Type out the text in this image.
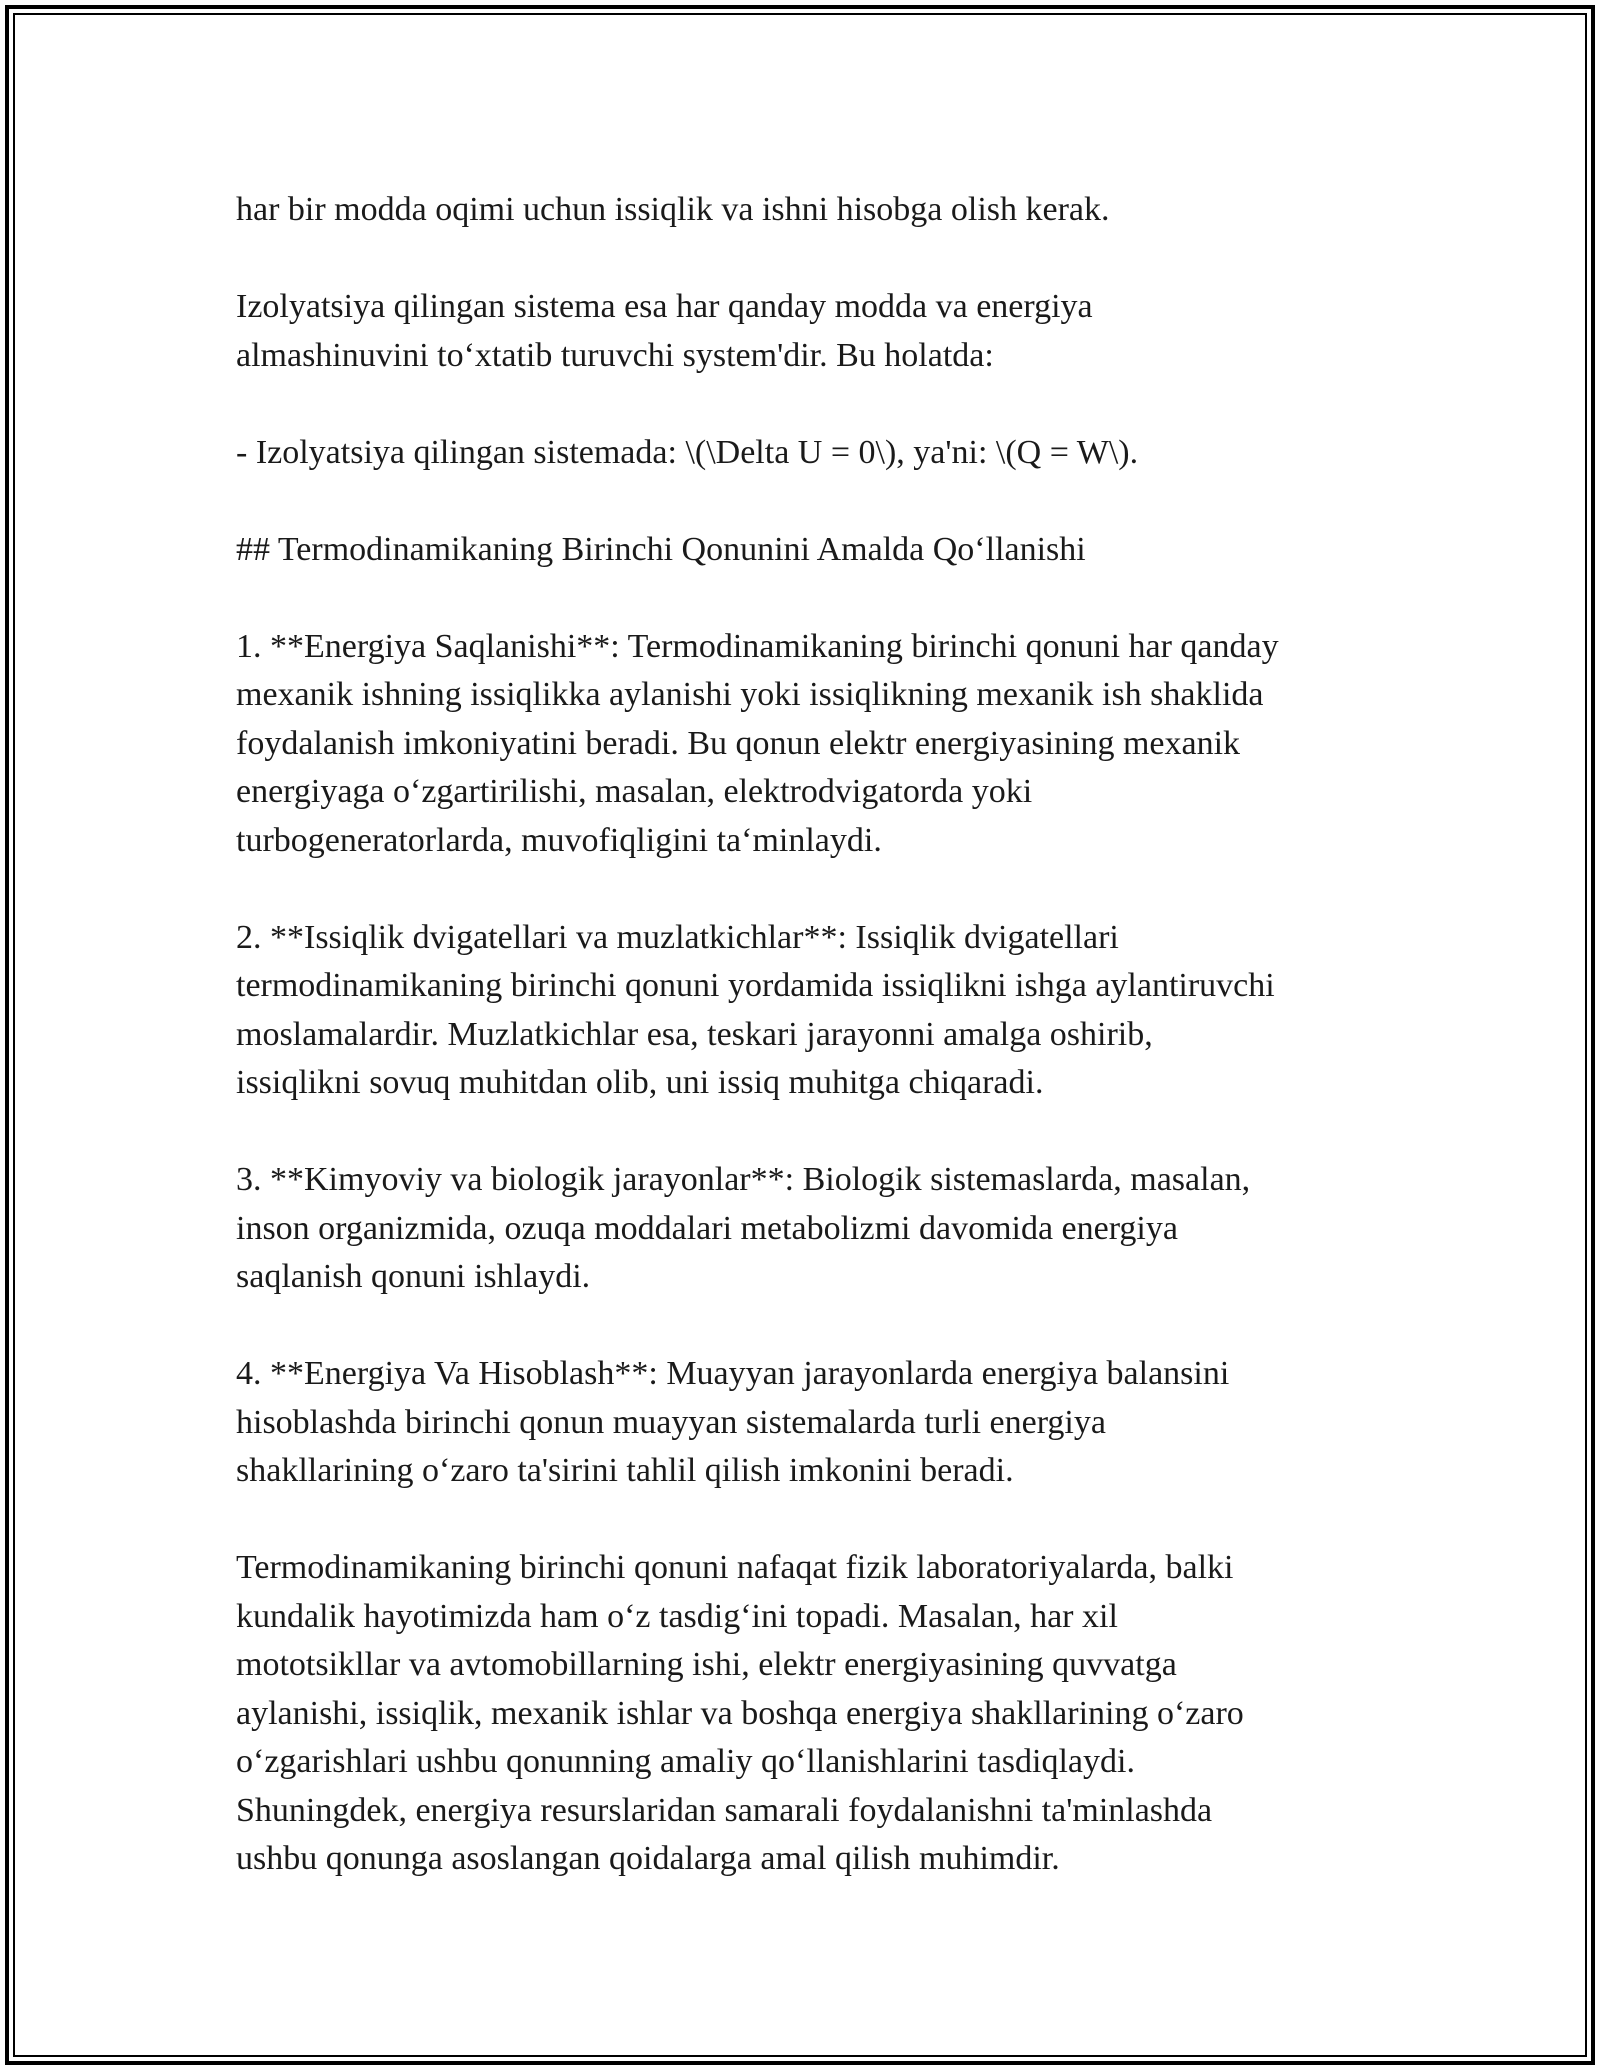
har bir modda oqimi uchun issiqlik va ishni hisobga olish kerak.

Izolyatsiya qilingan sistema esa har qanday modda va energiya
almashinuvini to‘xtatib turuvchi system'dir. Bu holatda:

- Izolyatsiya qilingan sistemada: \(\Delta U = 0\), ya'ni: \(Q = W\).

## Termodinamikaning Birinchi Qonunini Amalda Qo‘llanishi

1. **Energiya Saqlanishi**: Termodinamikaning birinchi qonuni har qanday
mexanik ishning issiqlikka aylanishi yoki issiqlikning mexanik ish shaklida
foydalanish imkoniyatini beradi. Bu qonun elektr energiyasining mexanik
energiyaga o‘zgartirilishi, masalan, elektrodvigatorda yoki
turbogeneratorlarda, muvofiqligini ta‘minlaydi.

2. **Issiqlik dvigatellari va muzlatkichlar**: Issiqlik dvigatellari
termodinamikaning birinchi qonuni yordamida issiqlikni ishga aylantiruvchi
moslamalardir. Muzlatkichlar esa, teskari jarayonni amalga oshirib,
issiqlikni sovuq muhitdan olib, uni issiq muhitga chiqaradi.

3. **Kimyoviy va biologik jarayonlar**: Biologik sistemaslarda, masalan,
inson organizmida, ozuqa moddalari metabolizmi davomida energiya
saqlanish qonuni ishlaydi.

4. **Energiya Va Hisoblash**: Muayyan jarayonlarda energiya balansini
hisoblashda birinchi qonun muayyan sistemalarda turli energiya
shakllarining o‘zaro ta'sirini tahlil qilish imkonini beradi.

Termodinamikaning birinchi qonuni nafaqat fizik laboratoriyalarda, balki
kundalik hayotimizda ham o‘z tasdig‘ini topadi. Masalan, har xil
mototsikllar va avtomobillarning ishi, elektr energiyasining quvvatga
aylanishi, issiqlik, mexanik ishlar va boshqa energiya shakllarining o‘zaro
o‘zgarishlari ushbu qonunning amaliy qo‘llanishlarini tasdiqlaydi.
Shuningdek, energiya resurslaridan samarali foydalanishni ta'minlashda
ushbu qonunga asoslangan qoidalarga amal qilish muhimdir.
